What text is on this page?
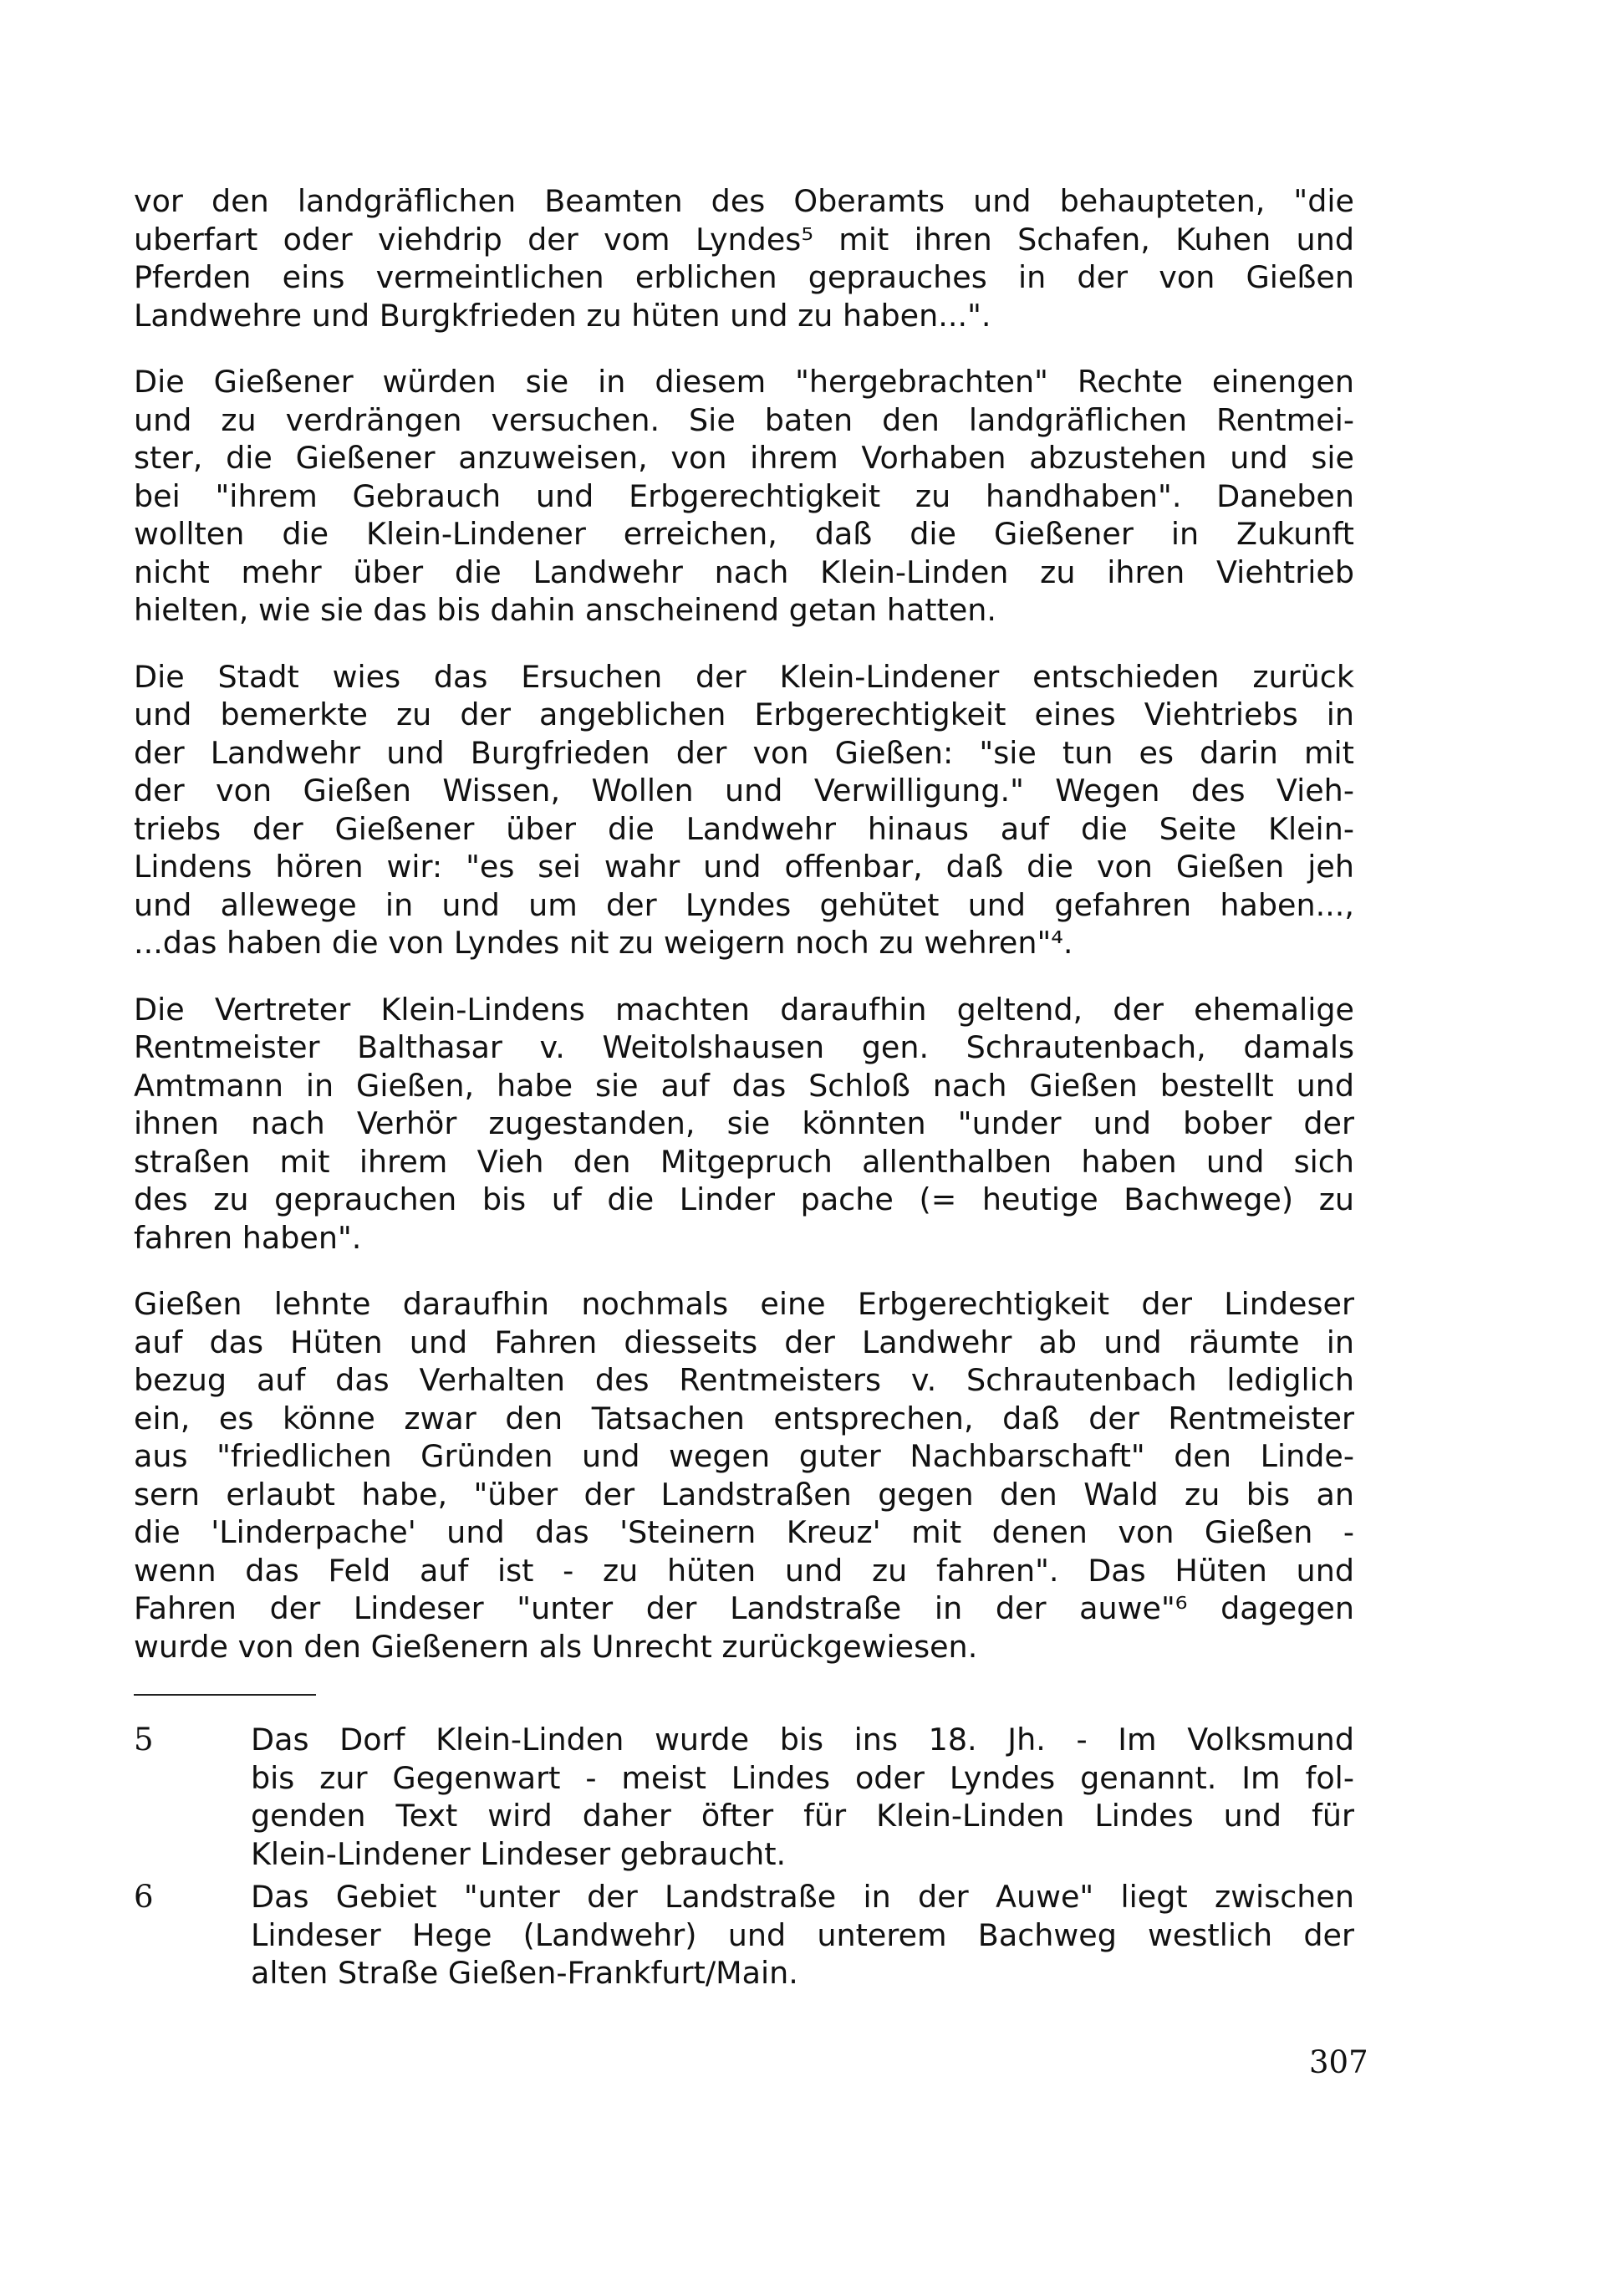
vor den landgräflichen Beamten des Oberamts und behaupteten, "die
uberfart oder viehdrip der vom Lyndes⁵ mit ihren Schafen, Kuhen und
Pferden eins vermeintlichen erblichen geprauches in der von Gießen
Landwehre und Burgkfrieden zu hüten und zu haben...".
Die Gießener würden sie in diesem "hergebrachten" Rechte einengen
und zu verdrängen versuchen. Sie baten den landgräflichen Rentmei-
ster, die Gießener anzuweisen, von ihrem Vorhaben abzustehen und sie
bei "ihrem Gebrauch und Erbgerechtigkeit zu handhaben". Daneben
wollten die Klein-Lindener erreichen, daß die Gießener in Zukunft
nicht mehr über die Landwehr nach Klein-Linden zu ihren Viehtrieb
hielten, wie sie das bis dahin anscheinend getan hatten.
Die Stadt wies das Ersuchen der Klein-Lindener entschieden zurück
und bemerkte zu der angeblichen Erbgerechtigkeit eines Viehtriebs in
der Landwehr und Burgfrieden der von Gießen: "sie tun es darin mit
der von Gießen Wissen, Wollen und Verwilligung." Wegen des Vieh-
triebs der Gießener über die Landwehr hinaus auf die Seite Klein-
Lindens hören wir: "es sei wahr und offenbar, daß die von Gießen jeh
und allewege in und um der Lyndes gehütet und gefahren haben...,
...das haben die von Lyndes nit zu weigern noch zu wehren"⁴.
Die Vertreter Klein-Lindens machten daraufhin geltend, der ehemalige
Rentmeister Balthasar v. Weitolshausen gen. Schrautenbach, damals
Amtmann in Gießen, habe sie auf das Schloß nach Gießen bestellt und
ihnen nach Verhör zugestanden, sie könnten "under und bober der
straßen mit ihrem Vieh den Mitgepruch allenthalben haben und sich
des zu geprauchen bis uf die Linder pache (= heutige Bachwege) zu
fahren haben".
Gießen lehnte daraufhin nochmals eine Erbgerechtigkeit der Lindeser
auf das Hüten und Fahren diesseits der Landwehr ab und räumte in
bezug auf das Verhalten des Rentmeisters v. Schrautenbach lediglich
ein, es könne zwar den Tatsachen entsprechen, daß der Rentmeister
aus "friedlichen Gründen und wegen guter Nachbarschaft" den Linde-
sern erlaubt habe, "über der Landstraßen gegen den Wald zu bis an
die 'Linderpache' und das 'Steinern Kreuz' mit denen von Gießen -
wenn das Feld auf ist - zu hüten und zu fahren". Das Hüten und
Fahren der Lindeser "unter der Landstraße in der auwe"⁶ dagegen
wurde von den Gießenern als Unrecht zurückgewiesen.
5	Das Dorf Klein-Linden wurde bis ins 18. Jh. - Im Volksmund
bis zur Gegenwart - meist Lindes oder Lyndes genannt. Im fol-
genden Text wird daher öfter für Klein-Linden Lindes und für
Klein-Lindener Lindeser gebraucht.
6	Das Gebiet "unter der Landstraße in der Auwe" liegt zwischen
Lindeser Hege (Landwehr) und unterem Bachweg westlich der
alten Straße Gießen-Frankfurt/Main.
307
